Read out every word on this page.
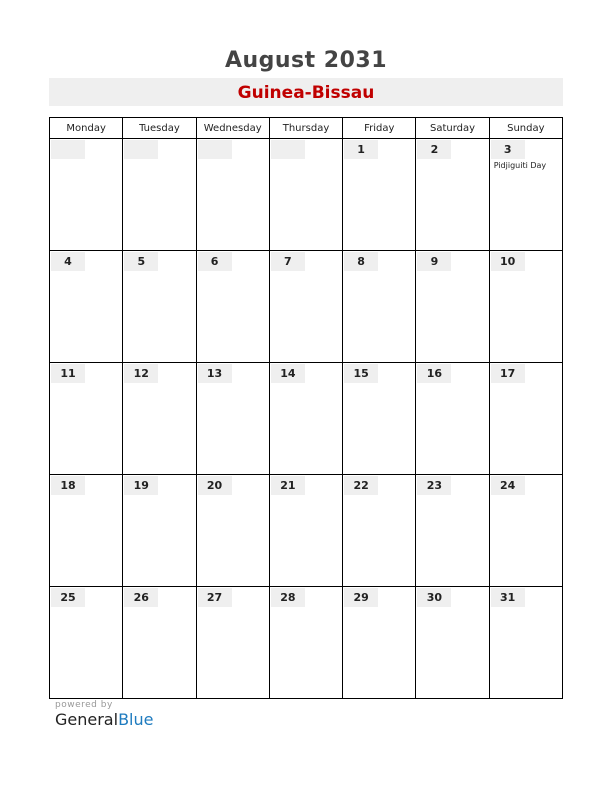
August 2031
Guinea-Bissau
Monday	Tuesday	Wednesday	Thursday	Friday	Saturday	Sunday

				1	2	3
Pidjiguiti Day

4	5	6	7	8	9	10

11	12	13	14	15	16	17

18	19	20	21	22	23	24

25	26	27	28	29	30	31
powered by
GeneralBlue
